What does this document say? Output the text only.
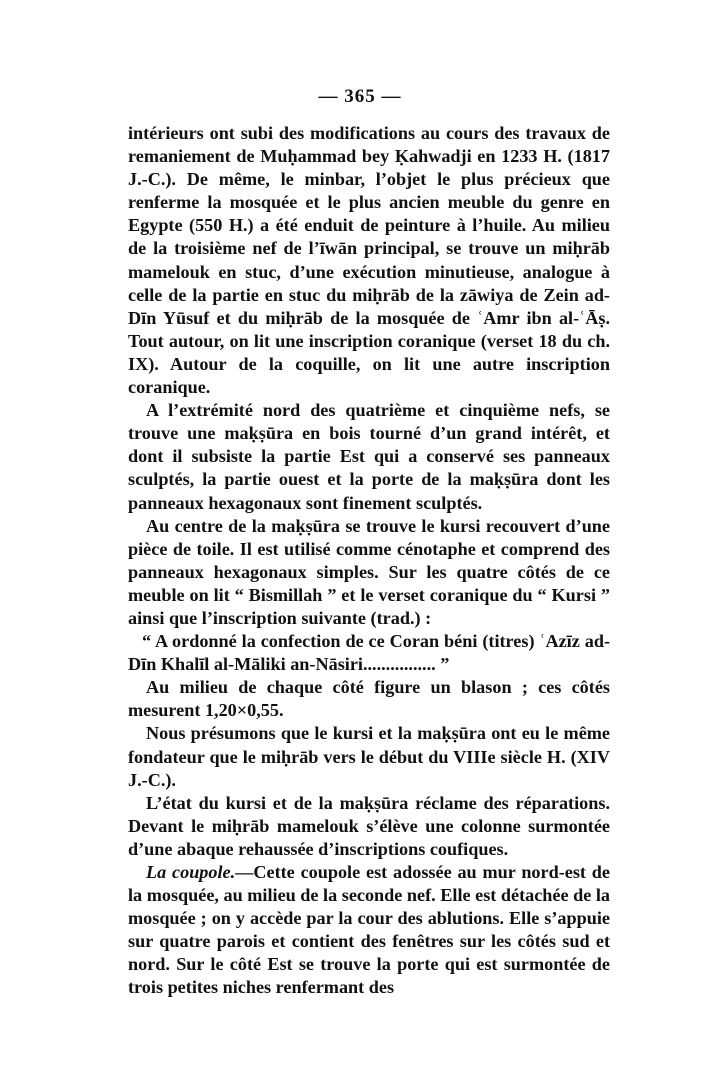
— 365 —

intérieurs ont subi des modifications au cours des travaux de remaniement de Muḥammad bey Ḳahwadji en 1233 H. (1817 J.-C.). De même, le minbar, l’objet le plus précieux que renferme la mosquée et le plus ancien meuble du genre en Egypte (550 H.) a été enduit de peinture à l’huile. Au milieu de la troisième nef de l’īwān principal, se trouve un miḥrāb mamelouk en stuc, d’une exécution minutieuse, analogue à celle de la partie en stuc du miḥrāb de la zāwiya de Zein ad-Dīn Yūsuf et du miḥrāb de la mosquée de ʿAmr ibn al-ʿĀṣ. Tout autour, on lit une inscription coranique (verset 18 du ch. IX). Autour de la coquille, on lit une autre inscription coranique.

A l’extrémité nord des quatrième et cinquième nefs, se trouve une maḳṣūra en bois tourné d’un grand intérêt, et dont il subsiste la partie Est qui a conservé ses panneaux sculptés, la partie ouest et la porte de la maḳṣūra dont les panneaux hexagonaux sont finement sculptés.

Au centre de la maḳṣūra se trouve le kursi recouvert d’une pièce de toile. Il est utilisé comme cénotaphe et comprend des panneaux hexagonaux simples. Sur les quatre côtés de ce meuble on lit “ Bismillah ” et le verset coranique du “ Kursi ” ainsi que l’inscription suivante (trad.) :

“ A ordonné la confection de ce Coran béni (titres) ʿAzīz ad-Dīn Khalīl al-Māliki an-Nāsiri................ ”

Au milieu de chaque côté figure un blason ; ces côtés mesurent 1,20×0,55.

Nous présumons que le kursi et la maḳṣūra ont eu le même fondateur que le miḥrāb vers le début du VIIIe siècle H. (XIV J.-C.).

L’état du kursi et de la maḳṣūra réclame des réparations. Devant le miḥrāb mamelouk s’élève une colonne surmontée d’une abaque rehaussée d’inscriptions coufiques.

La coupole.—Cette coupole est adossée au mur nord-est de la mosquée, au milieu de la seconde nef. Elle est détachée de la mosquée ; on y accède par la cour des ablutions. Elle s’appuie sur quatre parois et contient des fenêtres sur les côtés sud et nord. Sur le côté Est se trouve la porte qui est surmontée de trois petites niches renfermant des
